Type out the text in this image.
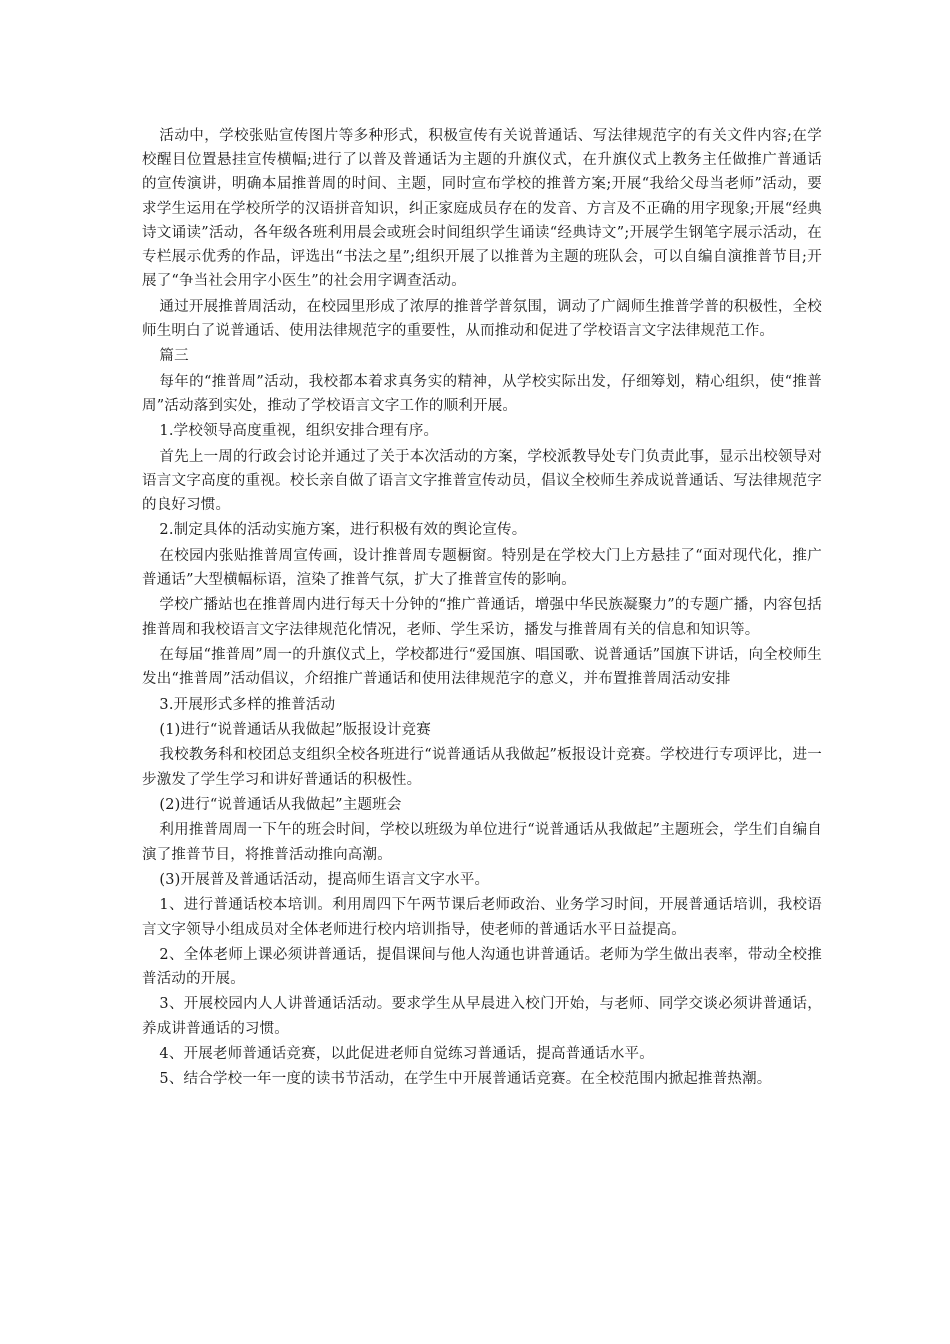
活动中，学校张贴宣传图片等多种形式，积极宣传有关说普通话、写法律规范字的有关文件内容;在学校醒目位置悬挂宣传横幅;进行了以普及普通话为主题的升旗仪式，在升旗仪式上教务主任做推广普通话的宣传演讲，明确本届推普周的时间、主题，同时宣布学校的推普方案;开展“我给父母当老师”活动，要求学生运用在学校所学的汉语拼音知识，纠正家庭成员存在的发音、方言及不正确的用字现象;开展“经典诗文诵读”活动，各年级各班利用晨会或班会时间组织学生诵读“经典诗文”;开展学生钢笔字展示活动，在专栏展示优秀的作品，评选出“书法之星”;组织开展了以推普为主题的班队会，可以自编自演推普节目;开展了“争当社会用字小医生”的社会用字调查活动。

通过开展推普周活动，在校园里形成了浓厚的推普学普氛围，调动了广阔师生推普学普的积极性，全校师生明白了说普通话、使用法律规范字的重要性，从而推动和促进了学校语言文字法律规范工作。

篇三

每年的“推普周”活动，我校都本着求真务实的精神，从学校实际出发，仔细筹划，精心组织，使“推普周”活动落到实处，推动了学校语言文字工作的顺利开展。

1.学校领导高度重视，组织安排合理有序。

首先上一周的行政会讨论并通过了关于本次活动的方案，学校派教导处专门负责此事，显示出校领导对语言文字高度的重视。校长亲自做了语言文字推普宣传动员，倡议全校师生养成说普通话、写法律规范字的良好习惯。

2.制定具体的活动实施方案，进行积极有效的舆论宣传。

在校园内张贴推普周宣传画，设计推普周专题橱窗。特别是在学校大门上方悬挂了“面对现代化，推广普通话”大型横幅标语，渲染了推普气氛，扩大了推普宣传的影响。

学校广播站也在推普周内进行每天十分钟的“推广普通话，增强中华民族凝聚力”的专题广播，内容包括推普周和我校语言文字法律规范化情况，老师、学生采访，播发与推普周有关的信息和知识等。

在每届“推普周”周一的升旗仪式上，学校都进行“爱国旗、唱国歌、说普通话”国旗下讲话，向全校师生发出“推普周”活动倡议，介绍推广普通话和使用法律规范字的意义，并布置推普周活动安排

3.开展形式多样的推普活动

(1)进行“说普通话从我做起”版报设计竞赛

我校教务科和校团总支组织全校各班进行“说普通话从我做起”板报设计竞赛。学校进行专项评比，进一步激发了学生学习和讲好普通话的积极性。

(2)进行“说普通话从我做起”主题班会

利用推普周周一下午的班会时间，学校以班级为单位进行“说普通话从我做起”主题班会，学生们自编自演了推普节目，将推普活动推向高潮。

(3)开展普及普通话活动，提高师生语言文字水平。

1、进行普通话校本培训。利用周四下午两节课后老师政治、业务学习时间，开展普通话培训，我校语言文字领导小组成员对全体老师进行校内培训指导，使老师的普通话水平日益提高。

2、全体老师上课必须讲普通话，提倡课间与他人沟通也讲普通话。老师为学生做出表率，带动全校推普活动的开展。

3、开展校园内人人讲普通话活动。要求学生从早晨进入校门开始，与老师、同学交谈必须讲普通话，养成讲普通话的习惯。

4、开展老师普通话竞赛，以此促进老师自觉练习普通话，提高普通话水平。

5、结合学校一年一度的读书节活动，在学生中开展普通话竞赛。在全校范围内掀起推普热潮。
